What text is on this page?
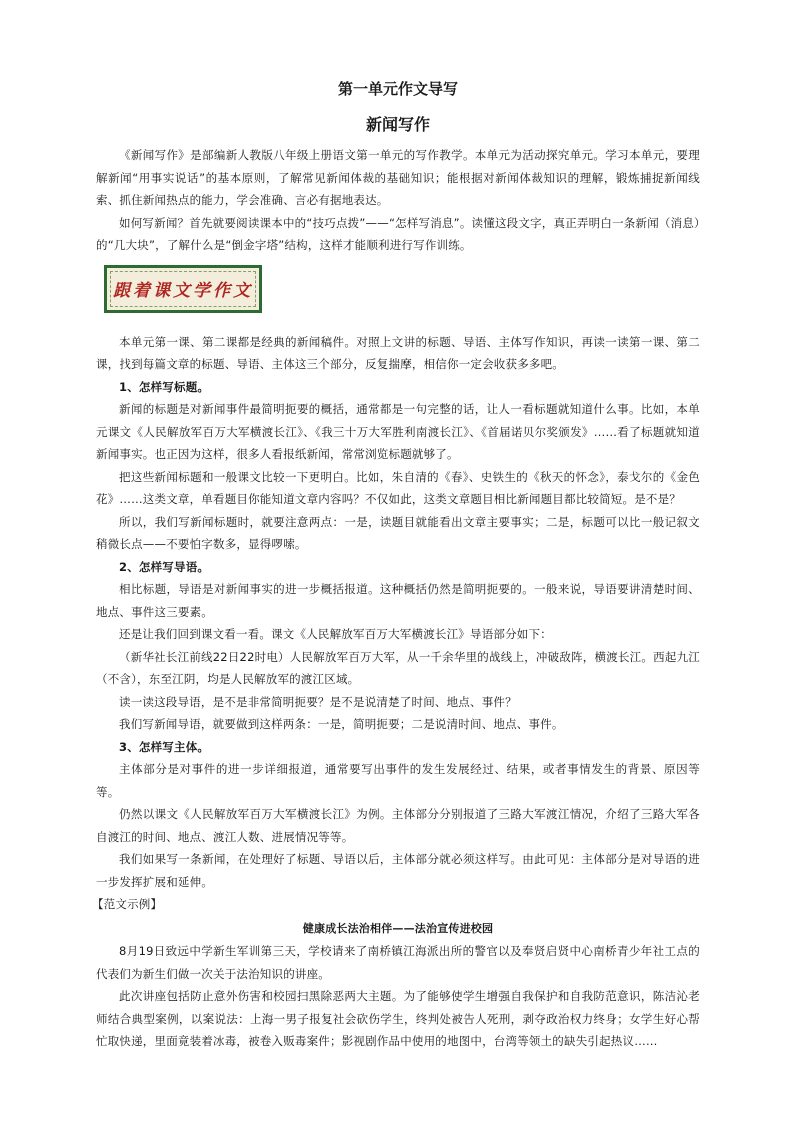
第一单元作文导写
新闻写作

《新闻写作》是部编新人教版八年级上册语文第一单元的写作教学。本单元为活动探究单元。学习本单元，要理解新闻“用事实说话”的基本原则，了解常见新闻体裁的基础知识；能根据对新闻体裁知识的理解，锻炼捕捉新闻线索、抓住新闻热点的能力，学会准确、言必有据地表达。

如何写新闻？首先就要阅读课本中的“技巧点拨”——“怎样写消息”。读懂这段文字，真正弄明白一条新闻（消息）的“几大块”，了解什么是“倒金字塔”结构，这样才能顺利进行写作训练。

跟着课文学作文

本单元第一课、第二课都是经典的新闻稿件。对照上文讲的标题、导语、主体写作知识，再读一读第一课、第二课，找到每篇文章的标题、导语、主体这三个部分，反复揣摩，相信你一定会收获多多吧。

1、怎样写标题。

新闻的标题是对新闻事件最简明扼要的概括，通常都是一句完整的话，让人一看标题就知道什么事。比如，本单元课文《人民解放军百万大军横渡长江》、《我三十万大军胜利南渡长江》、《首届诺贝尔奖颁发》……看了标题就知道新闻事实。也正因为这样，很多人看报纸新闻，常常浏览标题就够了。

把这些新闻标题和一般课文比较一下更明白。比如，朱自清的《春》、史铁生的《秋天的怀念》，泰戈尔的《金色花》……这类文章，单看题目你能知道文章内容吗？不仅如此，这类文章题目相比新闻题目都比较简短。是不是？

所以，我们写新闻标题时，就要注意两点：一是，读题目就能看出文章主要事实；二是，标题可以比一般记叙文稍微长点——不要怕字数多，显得啰嗦。

2、怎样写导语。

相比标题，导语是对新闻事实的进一步概括报道。这种概括仍然是简明扼要的。一般来说，导语要讲清楚时间、地点、事件这三要素。

还是让我们回到课文看一看。课文《人民解放军百万大军横渡长江》导语部分如下：

（新华社长江前线22日22时电）人民解放军百万大军，从一千余华里的战线上，冲破敌阵，横渡长江。西起九江（不含），东至江阴，均是人民解放军的渡江区域。

读一读这段导语，是不是非常简明扼要？是不是说清楚了时间、地点、事件？

我们写新闻导语，就要做到这样两条：一是，简明扼要；二是说清时间、地点、事件。

3、怎样写主体。

主体部分是对事件的进一步详细报道，通常要写出事件的发生发展经过、结果，或者事情发生的背景、原因等等。

仍然以课文《人民解放军百万大军横渡长江》为例。主体部分分别报道了三路大军渡江情况，介绍了三路大军各自渡江的时间、地点、渡江人数、进展情况等等。

我们如果写一条新闻，在处理好了标题、导语以后，主体部分就必须这样写。由此可见：主体部分是对导语的进一步发挥扩展和延伸。

【范文示例】

健康成长法治相伴——法治宣传进校园

8月19日致远中学新生军训第三天，学校请来了南桥镇江海派出所的警官以及奉贤启贤中心南桥青少年社工点的代表们为新生们做一次关于法治知识的讲座。

此次讲座包括防止意外伤害和校园扫黑除恶两大主题。为了能够使学生增强自我保护和自我防范意识，陈洁沁老师结合典型案例，以案说法：上海一男子报复社会砍伤学生，终判处被告人死刑，剥夺政治权力终身；女学生好心帮忙取快递，里面竟装着冰毒，被卷入贩毒案件；影视剧作品中使用的地图中，台湾等领土的缺失引起热议……
